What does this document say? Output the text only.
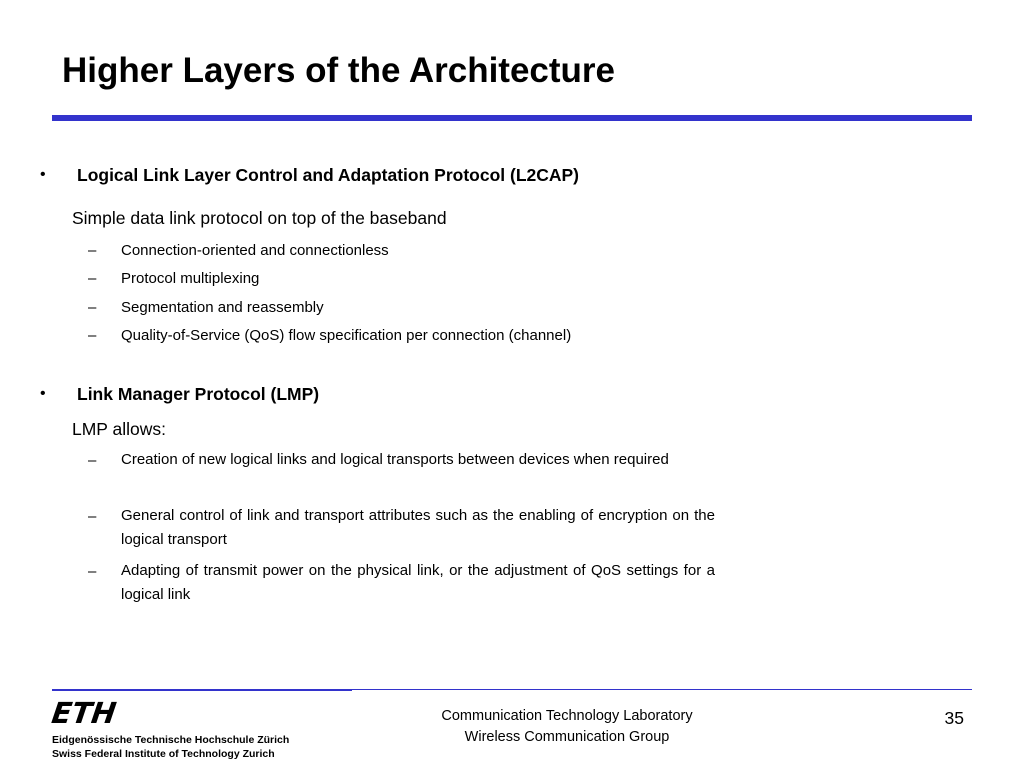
Higher Layers of the Architecture
• Logical Link Layer Control and Adaptation Protocol (L2CAP)
Simple data link protocol on top of the baseband
– Connection-oriented and connectionless
– Protocol multiplexing
– Segmentation and reassembly
– Quality-of-Service (QoS) flow specification per connection (channel)
• Link Manager Protocol (LMP)
LMP allows:
– Creation of new logical links and logical transports between devices when required
– General control of link and transport attributes such as the enabling of encryption on the logical transport
– Adapting of transmit power on the physical link, or the adjustment of QoS settings for a logical link
ETH
Eidgenössische Technische Hochschule Zürich
Swiss Federal Institute of Technology Zurich
Communication Technology Laboratory
Wireless Communication Group
35
